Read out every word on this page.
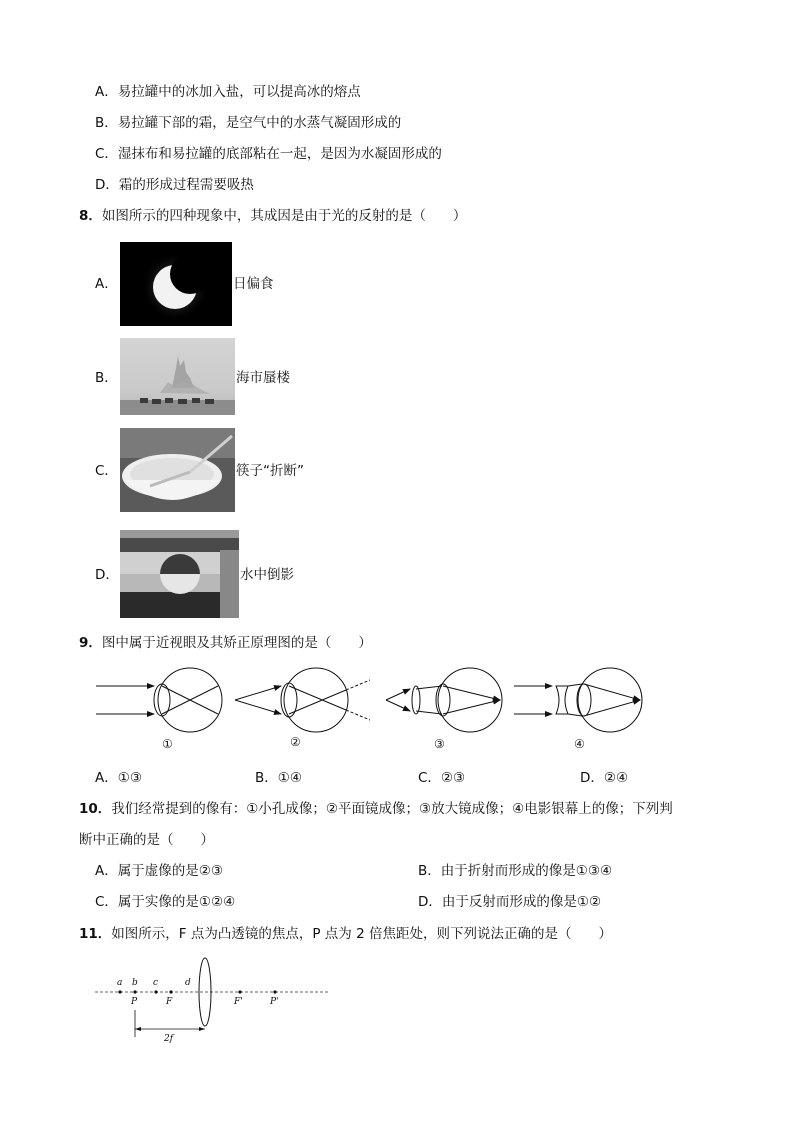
A．易拉罐中的冰加入盐，可以提高冰的熔点
B．易拉罐下部的霜，是空气中的水蒸气凝固形成的
C．湿抹布和易拉罐的底部粘在一起，是因为水凝固形成的
D．霜的形成过程需要吸热
8．如图所示的四种现象中，其成因是由于光的反射的是（　　）
A．	日偏食
B．	海市蜃楼
C．	筷子“折断”
D．	水中倒影
9．图中属于近视眼及其矫正原理图的是（　　）
①	②	③	④
A．①③	B．①④	C．②③	D．②④
10．我们经常提到的像有：①小孔成像；②平面镜成像；③放大镜成像；④电影银幕上的像；下列判
断中正确的是（　　）
A．属于虚像的是②③	B．由于折射而形成的像是①③④
C．属于实像的是①②④	D．由于反射而形成的像是①②
11．如图所示，F 点为凸透镜的焦点，P 点为 2 倍焦距处，则下列说法正确的是（　　）
a b c	d
P	F	F'	P'
2f
